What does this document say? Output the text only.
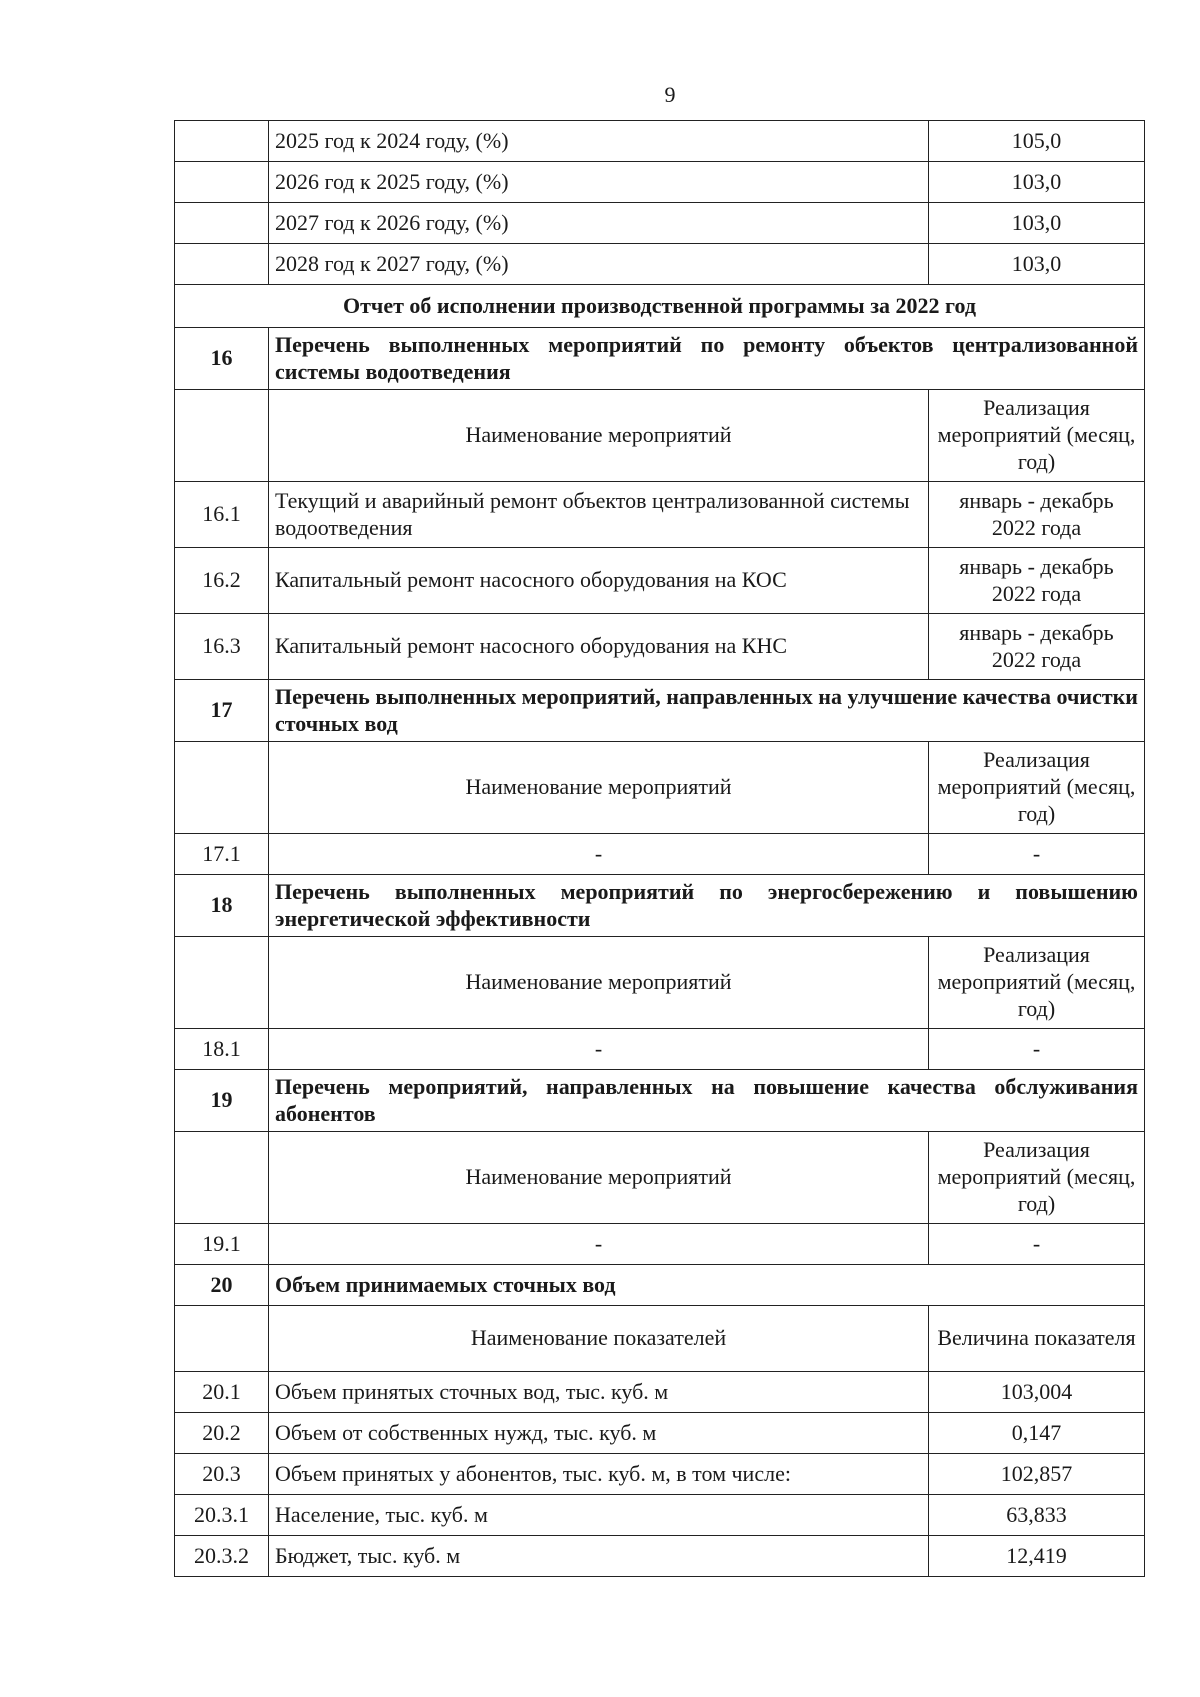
9
	2025 год к 2024 году, (%)	105,0
	2026 год к 2025 году, (%)	103,0
	2027 год к 2026 году, (%)	103,0
	2028 год к 2027 году, (%)	103,0
Отчет об исполнении производственной программы за 2022 год		
16	Перечень выполненных мероприятий по ремонту объектов централизованной системы водоотведения	
	Наименование мероприятий	Реализация мероприятий (месяц, год)
16.1	Текущий и аварийный ремонт объектов централизованной системы водоотведения	январь - декабрь 2022 года
16.2	Капитальный ремонт насосного оборудования на КОС	январь - декабрь 2022 года
16.3	Капитальный ремонт насосного оборудования на КНС	январь - декабрь 2022 года
17	Перечень выполненных мероприятий, направленных на улучшение качества очистки сточных вод	
	Наименование мероприятий	Реализация мероприятий (месяц, год)
17.1	-	-
18	Перечень выполненных мероприятий по энергосбережению и повышению энергетической эффективности	
	Наименование мероприятий	Реализация мероприятий (месяц, год)
18.1	-	-
19	Перечень мероприятий, направленных на повышение качества обслуживания абонентов	
	Наименование мероприятий	Реализация мероприятий (месяц, год)
19.1	-	-
20	Объем принимаемых сточных вод	
	Наименование показателей	Величина показателя
20.1	Объем принятых сточных вод, тыс. куб. м	103,004
20.2	Объем от собственных нужд, тыс. куб. м	0,147
20.3	Объем принятых у абонентов, тыс. куб. м, в том числе:	102,857
20.3.1	Население, тыс. куб. м	63,833
20.3.2	Бюджет, тыс. куб. м	12,419
